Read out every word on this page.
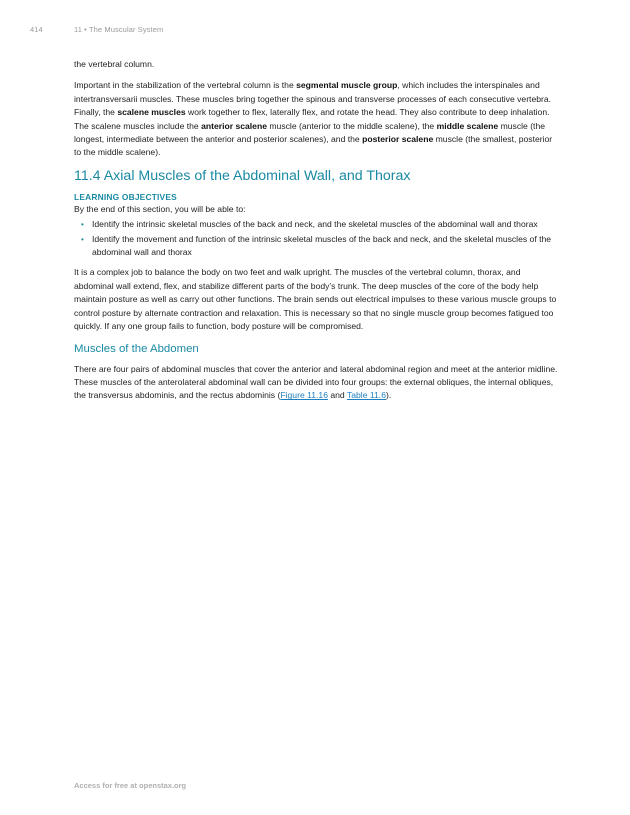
414	11 • The Muscular System

the vertebral column.

Important in the stabilization of the vertebral column is the segmental muscle group, which includes the interspinales and intertransversarii muscles. These muscles bring together the spinous and transverse processes of each consecutive vertebra. Finally, the scalene muscles work together to flex, laterally flex, and rotate the head. They also contribute to deep inhalation. The scalene muscles include the anterior scalene muscle (anterior to the middle scalene), the middle scalene muscle (the longest, intermediate between the anterior and posterior scalenes), and the posterior scalene muscle (the smallest, posterior to the middle scalene).

11.4 Axial Muscles of the Abdominal Wall, and Thorax
LEARNING OBJECTIVES

By the end of this section, you will be able to:

• Identify the intrinsic skeletal muscles of the back and neck, and the skeletal muscles of the abdominal wall and thorax
• Identify the movement and function of the intrinsic skeletal muscles of the back and neck, and the skeletal muscles of the abdominal wall and thorax

It is a complex job to balance the body on two feet and walk upright. The muscles of the vertebral column, thorax, and abdominal wall extend, flex, and stabilize different parts of the body’s trunk. The deep muscles of the core of the body help maintain posture as well as carry out other functions. The brain sends out electrical impulses to these various muscle groups to control posture by alternate contraction and relaxation. This is necessary so that no single muscle group becomes fatigued too quickly. If any one group fails to function, body posture will be compromised.

Muscles of the Abdomen

There are four pairs of abdominal muscles that cover the anterior and lateral abdominal region and meet at the anterior midline. These muscles of the anterolateral abdominal wall can be divided into four groups: the external obliques, the internal obliques, the transversus abdominis, and the rectus abdominis (Figure 11.16 and Table 11.6).

Access for free at openstax.org
